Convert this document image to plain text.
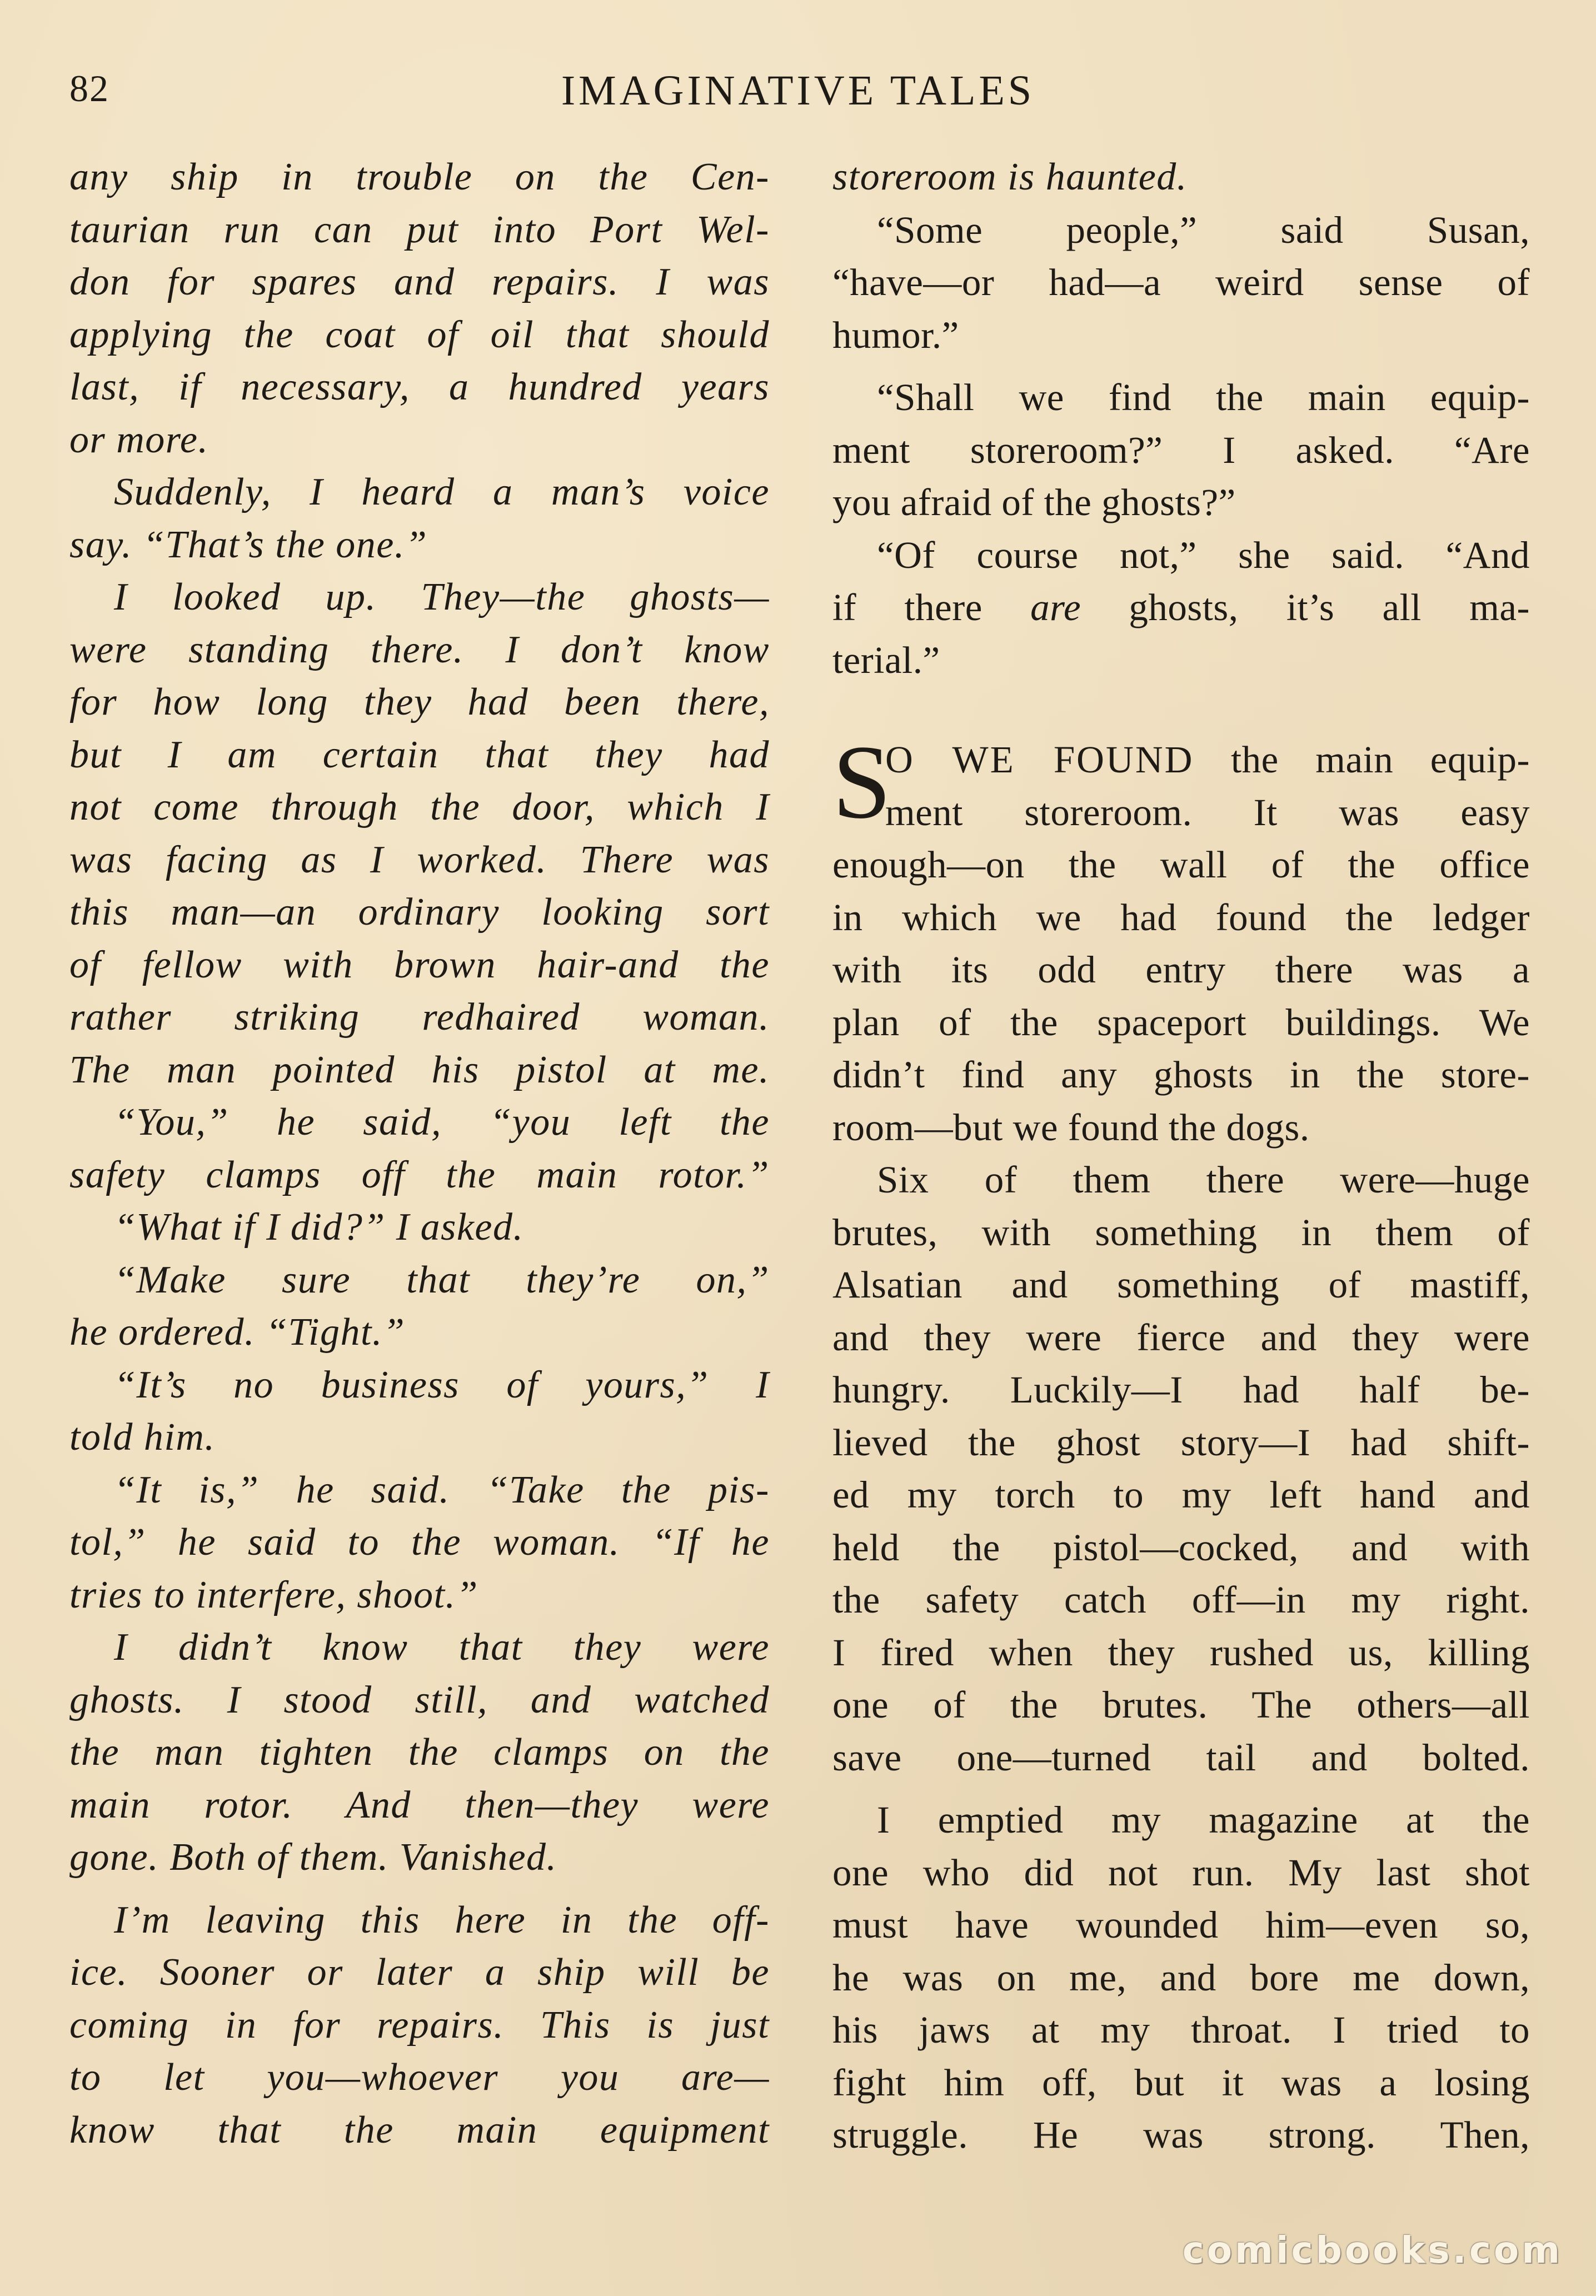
82	IMAGINATIVE TALES
any ship in trouble on the Cen-
taurian run can put into Port Wel-
don for spares and repairs. I was
applying the coat of oil that should
last, if necessary, a hundred years
or more.
Suddenly, I heard a man’s voice
say. “That’s the one.”
I looked up. They—the ghosts—
were standing there. I don’t know
for how long they had been there,
but I am certain that they had
not come through the door, which I
was facing as I worked. There was
this man—an ordinary looking sort
of fellow with brown hair-and the
rather striking redhaired woman.
The man pointed his pistol at me.
“You,” he said, “you left the
safety clamps off the main rotor.”
“What if I did?” I asked.
“Make sure that they’re on,”
he ordered. “Tight.”
“It’s no business of yours,” I
told him.
“It is,” he said. “Take the pis-
tol,” he said to the woman. “If he
tries to interfere, shoot.”
I didn’t know that they were
ghosts. I stood still, and watched
the man tighten the clamps on the
main rotor. And then—they were
gone. Both of them. Vanished.
I’m leaving this here in the off-
ice. Sooner or later a ship will be
coming in for repairs. This is just
to let you—whoever you are—
know that the main equipment
storeroom is haunted.
“Some people,” said Susan,
“have—or had—a weird sense of
humor.”
“Shall we find the main equip-
ment storeroom?” I asked. “Are
you afraid of the ghosts?”
“Of course not,” she said. “And
if there are ghosts, it’s all ma-
terial.”
S
O WE FOUND the main equip-
ment storeroom. It was easy
enough—on the wall of the office
in which we had found the ledger
with its odd entry there was a
plan of the spaceport buildings. We
didn’t find any ghosts in the store-
room—but we found the dogs.
Six of them there were—huge
brutes, with something in them of
Alsatian and something of mastiff,
and they were fierce and they were
hungry. Luckily—I had half be-
lieved the ghost story—I had shift-
ed my torch to my left hand and
held the pistol—cocked, and with
the safety catch off—in my right.
I fired when they rushed us, killing
one of the brutes. The others—all
save one—turned tail and bolted.
I emptied my magazine at the
one who did not run. My last shot
must have wounded him—even so,
he was on me, and bore me down,
his jaws at my throat. I tried to
fight him off, but it was a losing
struggle. He was strong. Then,
comicbooks.com
